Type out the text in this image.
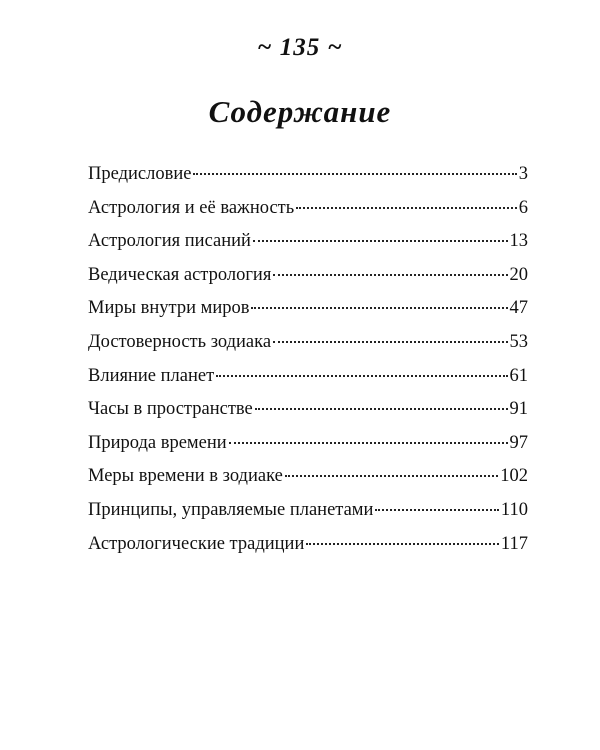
~ 135 ~
Содержание
Предисловие	3
Астрология и её важность	6
Астрология писаний	13
Ведическая астрология	20
Миры внутри миров	47
Достоверность зодиака	53
Влияние планет	61
Часы в пространстве	91
Природа времени	97
Меры времени в зодиаке	102
Принципы, управляемые планетами	110
Астрологические традиции	117
